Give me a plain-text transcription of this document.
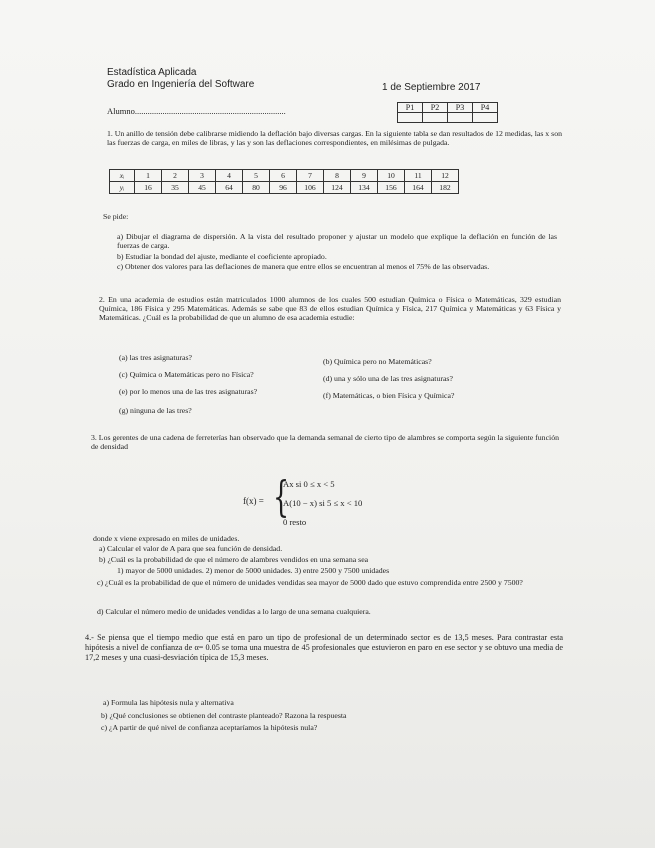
Estadística Aplicada
Grado en Ingeniería del Software	1 de Septiembre 2017
Alumno.......................................................................	P1	P2	P3	P4

1. Un anillo de tensión debe calibrarse midiendo la deflación bajo diversas cargas. En la siguiente tabla se dan resultados de 12 medidas, las x son las fuerzas de carga, en miles de libras, y las y son las deflaciones correspondientes, en milésimas de pulgada.
xᵢ	1	2	3	4	5	6	7	8	9	10	11	12
yᵢ	16	35	45	64	80	96	106	124	134	156	164	182
Se pide:
a) Dibujar el diagrama de dispersión. A la vista del resultado proponer y ajustar un modelo que explique la deflación en función de las fuerzas de carga.
b) Estudiar la bondad del ajuste, mediante el coeficiente apropiado.
c) Obtener dos valores para las deflaciones de manera que entre ellos se encuentran al menos el 75% de las observadas.
2. En una academia de estudios están matriculados 1000 alumnos de los cuales 500 estudian Química o Física o Matemáticas, 329 estudian Química, 186 Física y 295 Matemáticas. Además se sabe que 83 de ellos estudian Química y Física, 217 Química y Matemáticas y 63 Física y Matemáticas. ¿Cuál es la probabilidad de que un alumno de esa academia estudie:
(a) las tres asignaturas?	(b) Química pero no Matemáticas?
(c) Química o Matemáticas pero no Física?	(d) una y sólo una de las tres asignaturas?
(e) por lo menos una de las tres asignaturas?	(f) Matemáticas, o bien Física y Química?
(g) ninguna de las tres?
3. Los gerentes de una cadena de ferreterías han observado que la demanda semanal de cierto tipo de alambres se comporta según la siguiente función de densidad
f(x) = {
Ax si 0 ≤ x < 5
A(10 − x) si 5 ≤ x < 10
0 resto
donde x viene expresado en miles de unidades.
a) Calcular el valor de A para que sea función de densidad.
b) ¿Cuál es la probabilidad de que el número de alambres vendidos en una semana sea
1) mayor de 5000 unidades. 2) menor de 5000 unidades. 3) entre 2500 y 7500 unidades
c) ¿Cuál es la probabilidad de que el número de unidades vendidas sea mayor de 5000 dado que estuvo comprendida entre 2500 y 7500?
d) Calcular el número medio de unidades vendidas a lo largo de una semana cualquiera.
4.- Se piensa que el tiempo medio que está en paro un tipo de profesional de un determinado sector es de 13,5 meses. Para contrastar esta hipótesis a nivel de confianza de α= 0.05 se toma una muestra de 45 profesionales que estuvieron en paro en ese sector y se obtuvo una media de 17,2 meses y una cuasi-desviación típica de 15,3 meses.
a) Formula las hipótesis nula y alternativa
b) ¿Qué conclusiones se obtienen del contraste planteado? Razona la respuesta
c) ¿A partir de qué nivel de confianza aceptaríamos la hipótesis nula?
